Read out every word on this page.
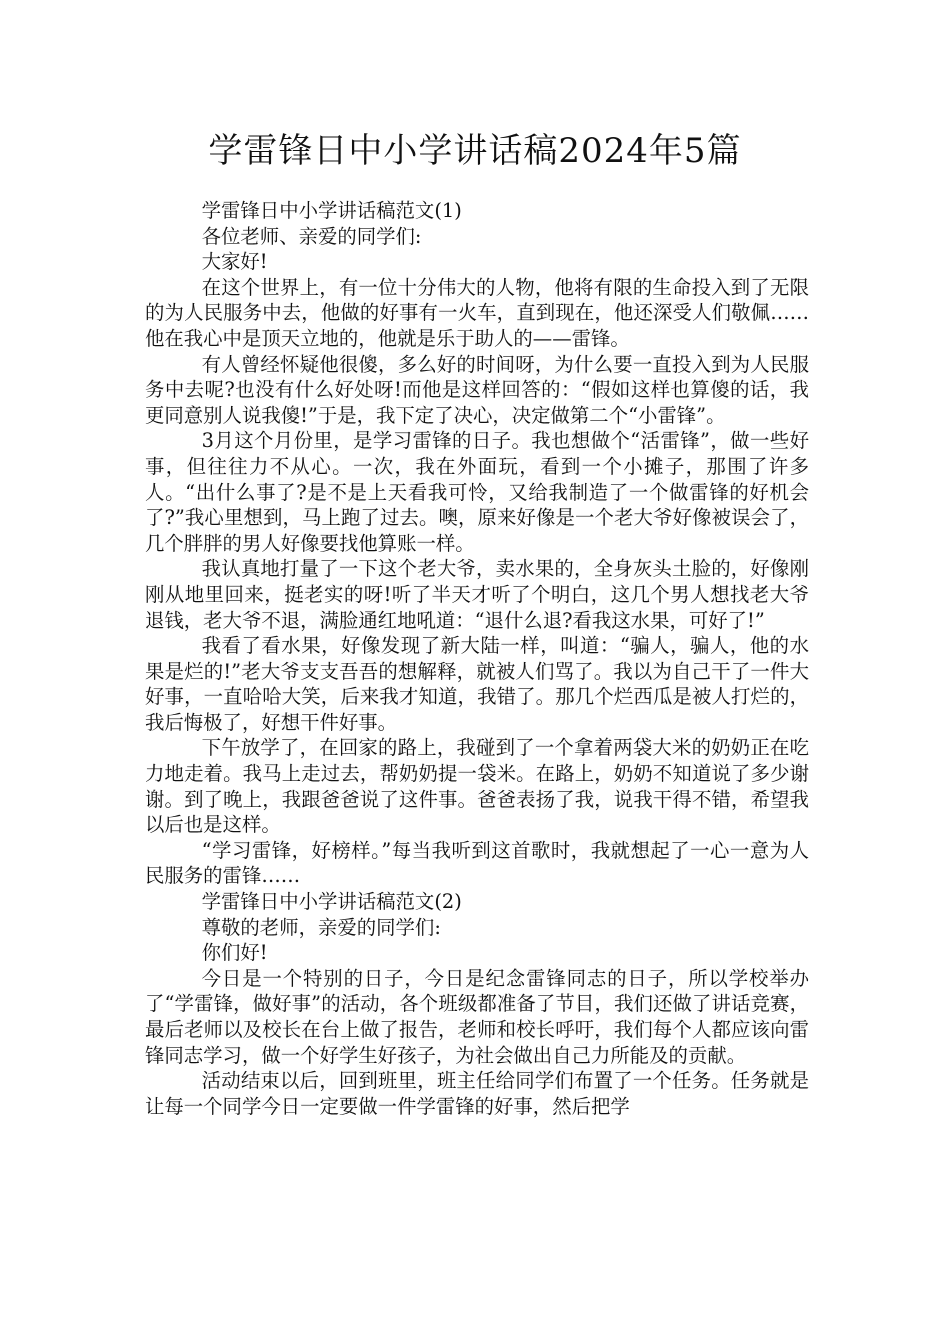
学雷锋日中小学讲话稿2024年5篇

学雷锋日中小学讲话稿范文(1)

各位老师、亲爱的同学们:

大家好!

在这个世界上，有一位十分伟大的人物，他将有限的生命投入到了无限的为人民服务中去，他做的好事有一火车，直到现在，他还深受人们敬佩……他在我心中是顶天立地的，他就是乐于助人的——雷锋。

有人曾经怀疑他很傻，多么好的时间呀，为什么要一直投入到为人民服务中去呢?也没有什么好处呀!而他是这样回答的：“假如这样也算傻的话，我更同意别人说我傻!”于是，我下定了决心，决定做第二个“小雷锋”。

3月这个月份里，是学习雷锋的日子。我也想做个“活雷锋”，做一些好事，但往往力不从心。一次，我在外面玩，看到一个小摊子，那围了许多人。“出什么事了?是不是上天看我可怜，又给我制造了一个做雷锋的好机会了?”我心里想到，马上跑了过去。噢，原来好像是一个老大爷好像被误会了，几个胖胖的男人好像要找他算账一样。

我认真地打量了一下这个老大爷，卖水果的，全身灰头土脸的，好像刚刚从地里回来，挺老实的呀!听了半天才听了个明白，这几个男人想找老大爷退钱，老大爷不退，满脸通红地吼道：“退什么退?看我这水果，可好了!”

我看了看水果，好像发现了新大陆一样，叫道：“骗人，骗人，他的水果是烂的!”老大爷支支吾吾的想解释，就被人们骂了。我以为自己干了一件大好事，一直哈哈大笑，后来我才知道，我错了。那几个烂西瓜是被人打烂的，我后悔极了，好想干件好事。

下午放学了，在回家的路上，我碰到了一个拿着两袋大米的奶奶正在吃力地走着。我马上走过去，帮奶奶提一袋米。在路上，奶奶不知道说了多少谢谢。到了晚上，我跟爸爸说了这件事。爸爸表扬了我，说我干得不错，希望我以后也是这样。

“学习雷锋，好榜样。”每当我听到这首歌时，我就想起了一心一意为人民服务的雷锋……

学雷锋日中小学讲话稿范文(2)

尊敬的老师，亲爱的同学们:

你们好!

今日是一个特别的日子，今日是纪念雷锋同志的日子，所以学校举办了“学雷锋，做好事”的活动，各个班级都准备了节目，我们还做了讲话竞赛，最后老师以及校长在台上做了报告，老师和校长呼吁，我们每个人都应该向雷锋同志学习，做一个好学生好孩子，为社会做出自己力所能及的贡献。

活动结束以后，回到班里，班主任给同学们布置了一个任务。任务就是让每一个同学今日一定要做一件学雷锋的好事，然后把学
